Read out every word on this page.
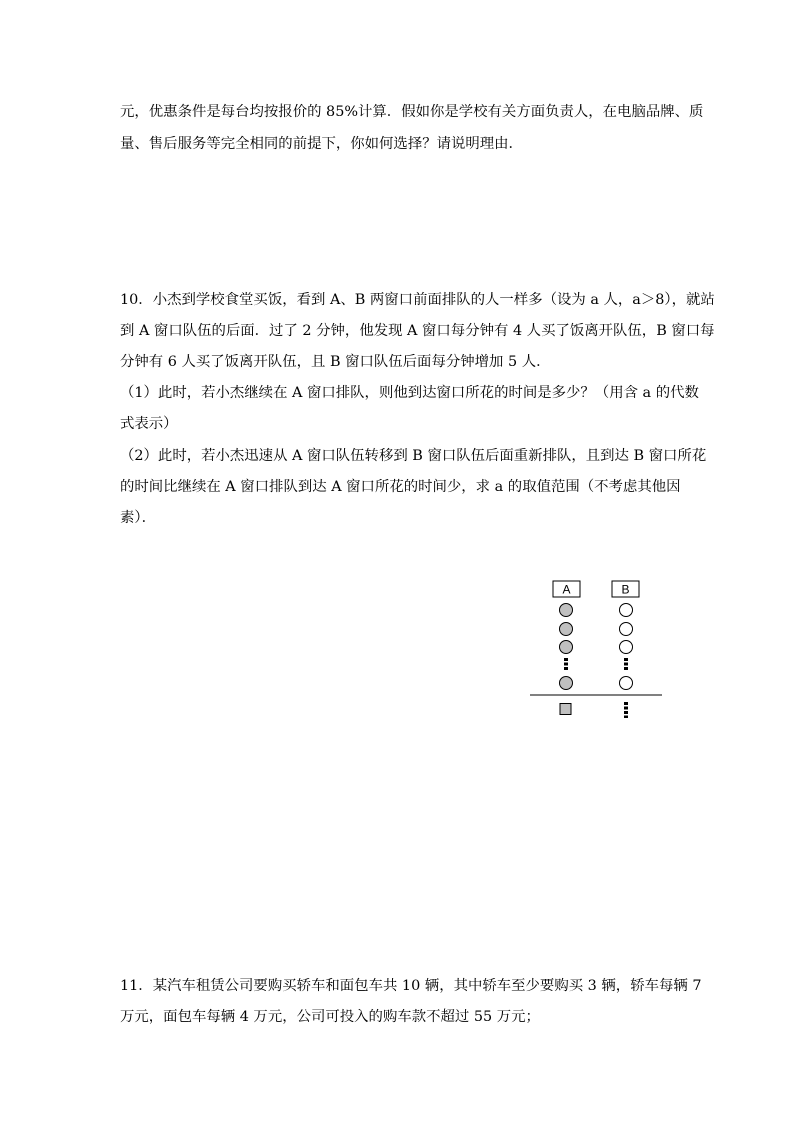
元，优惠条件是每台均按报价的 85%计算．假如你是学校有关方面负责人，在电脑品牌、质
量、售后服务等完全相同的前提下，你如何选择？请说明理由．
10．小杰到学校食堂买饭，看到 A、B 两窗口前面排队的人一样多（设为 a 人，a＞8），就站
到 A 窗口队伍的后面．过了 2 分钟，他发现 A 窗口每分钟有 4 人买了饭离开队伍，B 窗口每
分钟有 6 人买了饭离开队伍，且 B 窗口队伍后面每分钟增加 5 人．
（1）此时，若小杰继续在 A 窗口排队，则他到达窗口所花的时间是多少？（用含 a 的代数
式表示）
（2）此时，若小杰迅速从 A 窗口队伍转移到 B 窗口队伍后面重新排队，且到达 B 窗口所花
的时间比继续在 A 窗口排队到达 A 窗口所花的时间少，求 a 的取值范围（不考虑其他因
素）．
A	B
11．某汽车租赁公司要购买轿车和面包车共 10 辆，其中轿车至少要购买 3 辆，轿车每辆 7
万元，面包车每辆 4 万元，公司可投入的购车款不超过 55 万元；
